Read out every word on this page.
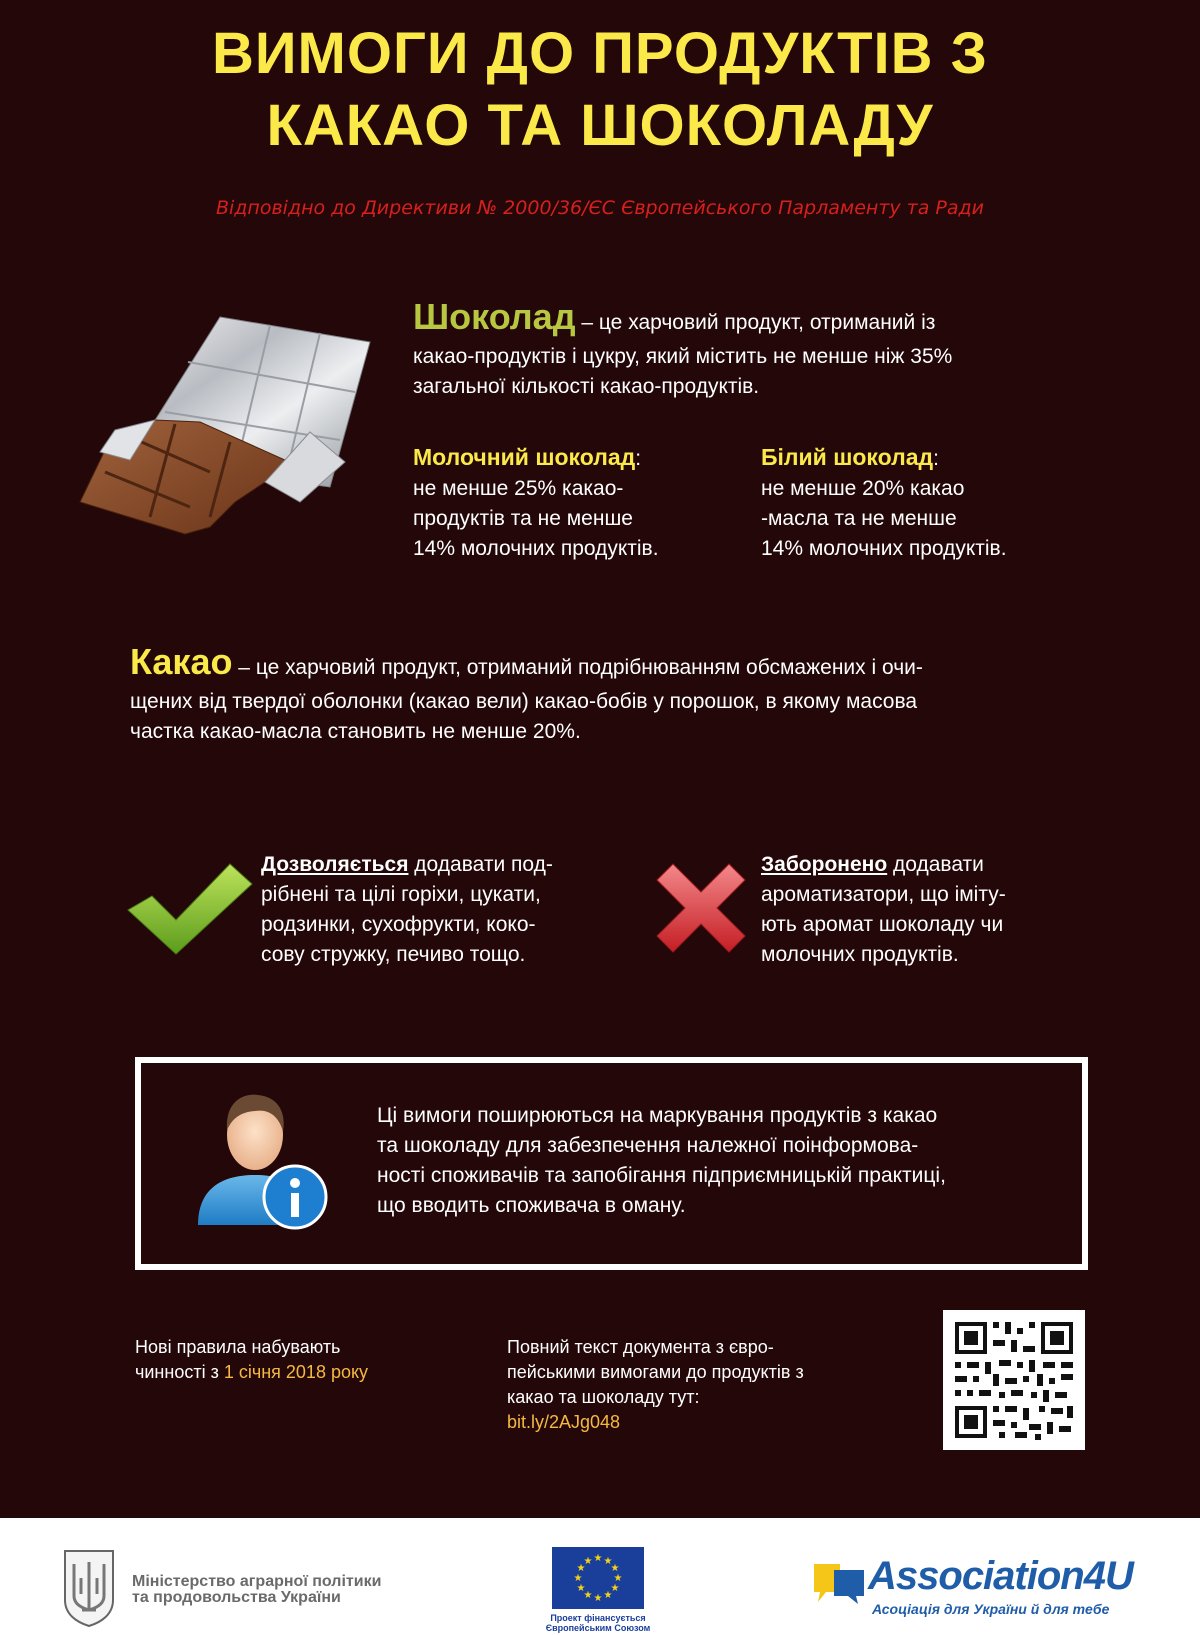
ВИМОГИ ДО ПРОДУКТІВ З
КАКАО ТА ШОКОЛАДУ
Відповідно до Директиви № 2000/36/ЄС Європейського Парламенту та Ради
Шоколад – це харчовий продукт, отриманий із
какао-продуктів і цукру, який містить не менше ніж 35%
загальної кількості какао-продуктів.
Молочний шоколад:
не менше 25% какао-
продуктів та не менше
14% молочних продуктів.
Білий шоколад:
не менше 20% какао
-масла та не менше
14% молочних продуктів.
Какао – це харчовий продукт, отриманий подрібнюванням обсмажених і очи-
щених від твердої оболонки (какао вели) какао-бобів у порошок, в якому масова
частка какао-масла становить не менше 20%.
Дозволяється додавати под-
рібнені та цілі горіхи, цукати,
родзинки, сухофрукти, коко-
сову стружку, печиво тощо.
Заборонено додавати
ароматизатори, що іміту-
ють аромат шоколаду чи
молочних продуктів.
Ці вимоги поширюються на маркування продуктів з какао
та шоколаду для забезпечення належної поінформова-
ності споживачів та запобігання підприємницькій практиці,
що вводить споживача в оману.
Нові правила набувають
чинності з 1 січня 2018 року
Повний текст документа з євро-
пейськими вимогами до продуктів з
какао та шоколаду тут:
bit.ly/2AJg048
Міністерство аграрної політики
та продовольства України
★ ★
★
★
★
★
★
★
★
★
★
★
Проект фінансується
Європейським Союзом
Association4U
Асоціація для України й для тебе
